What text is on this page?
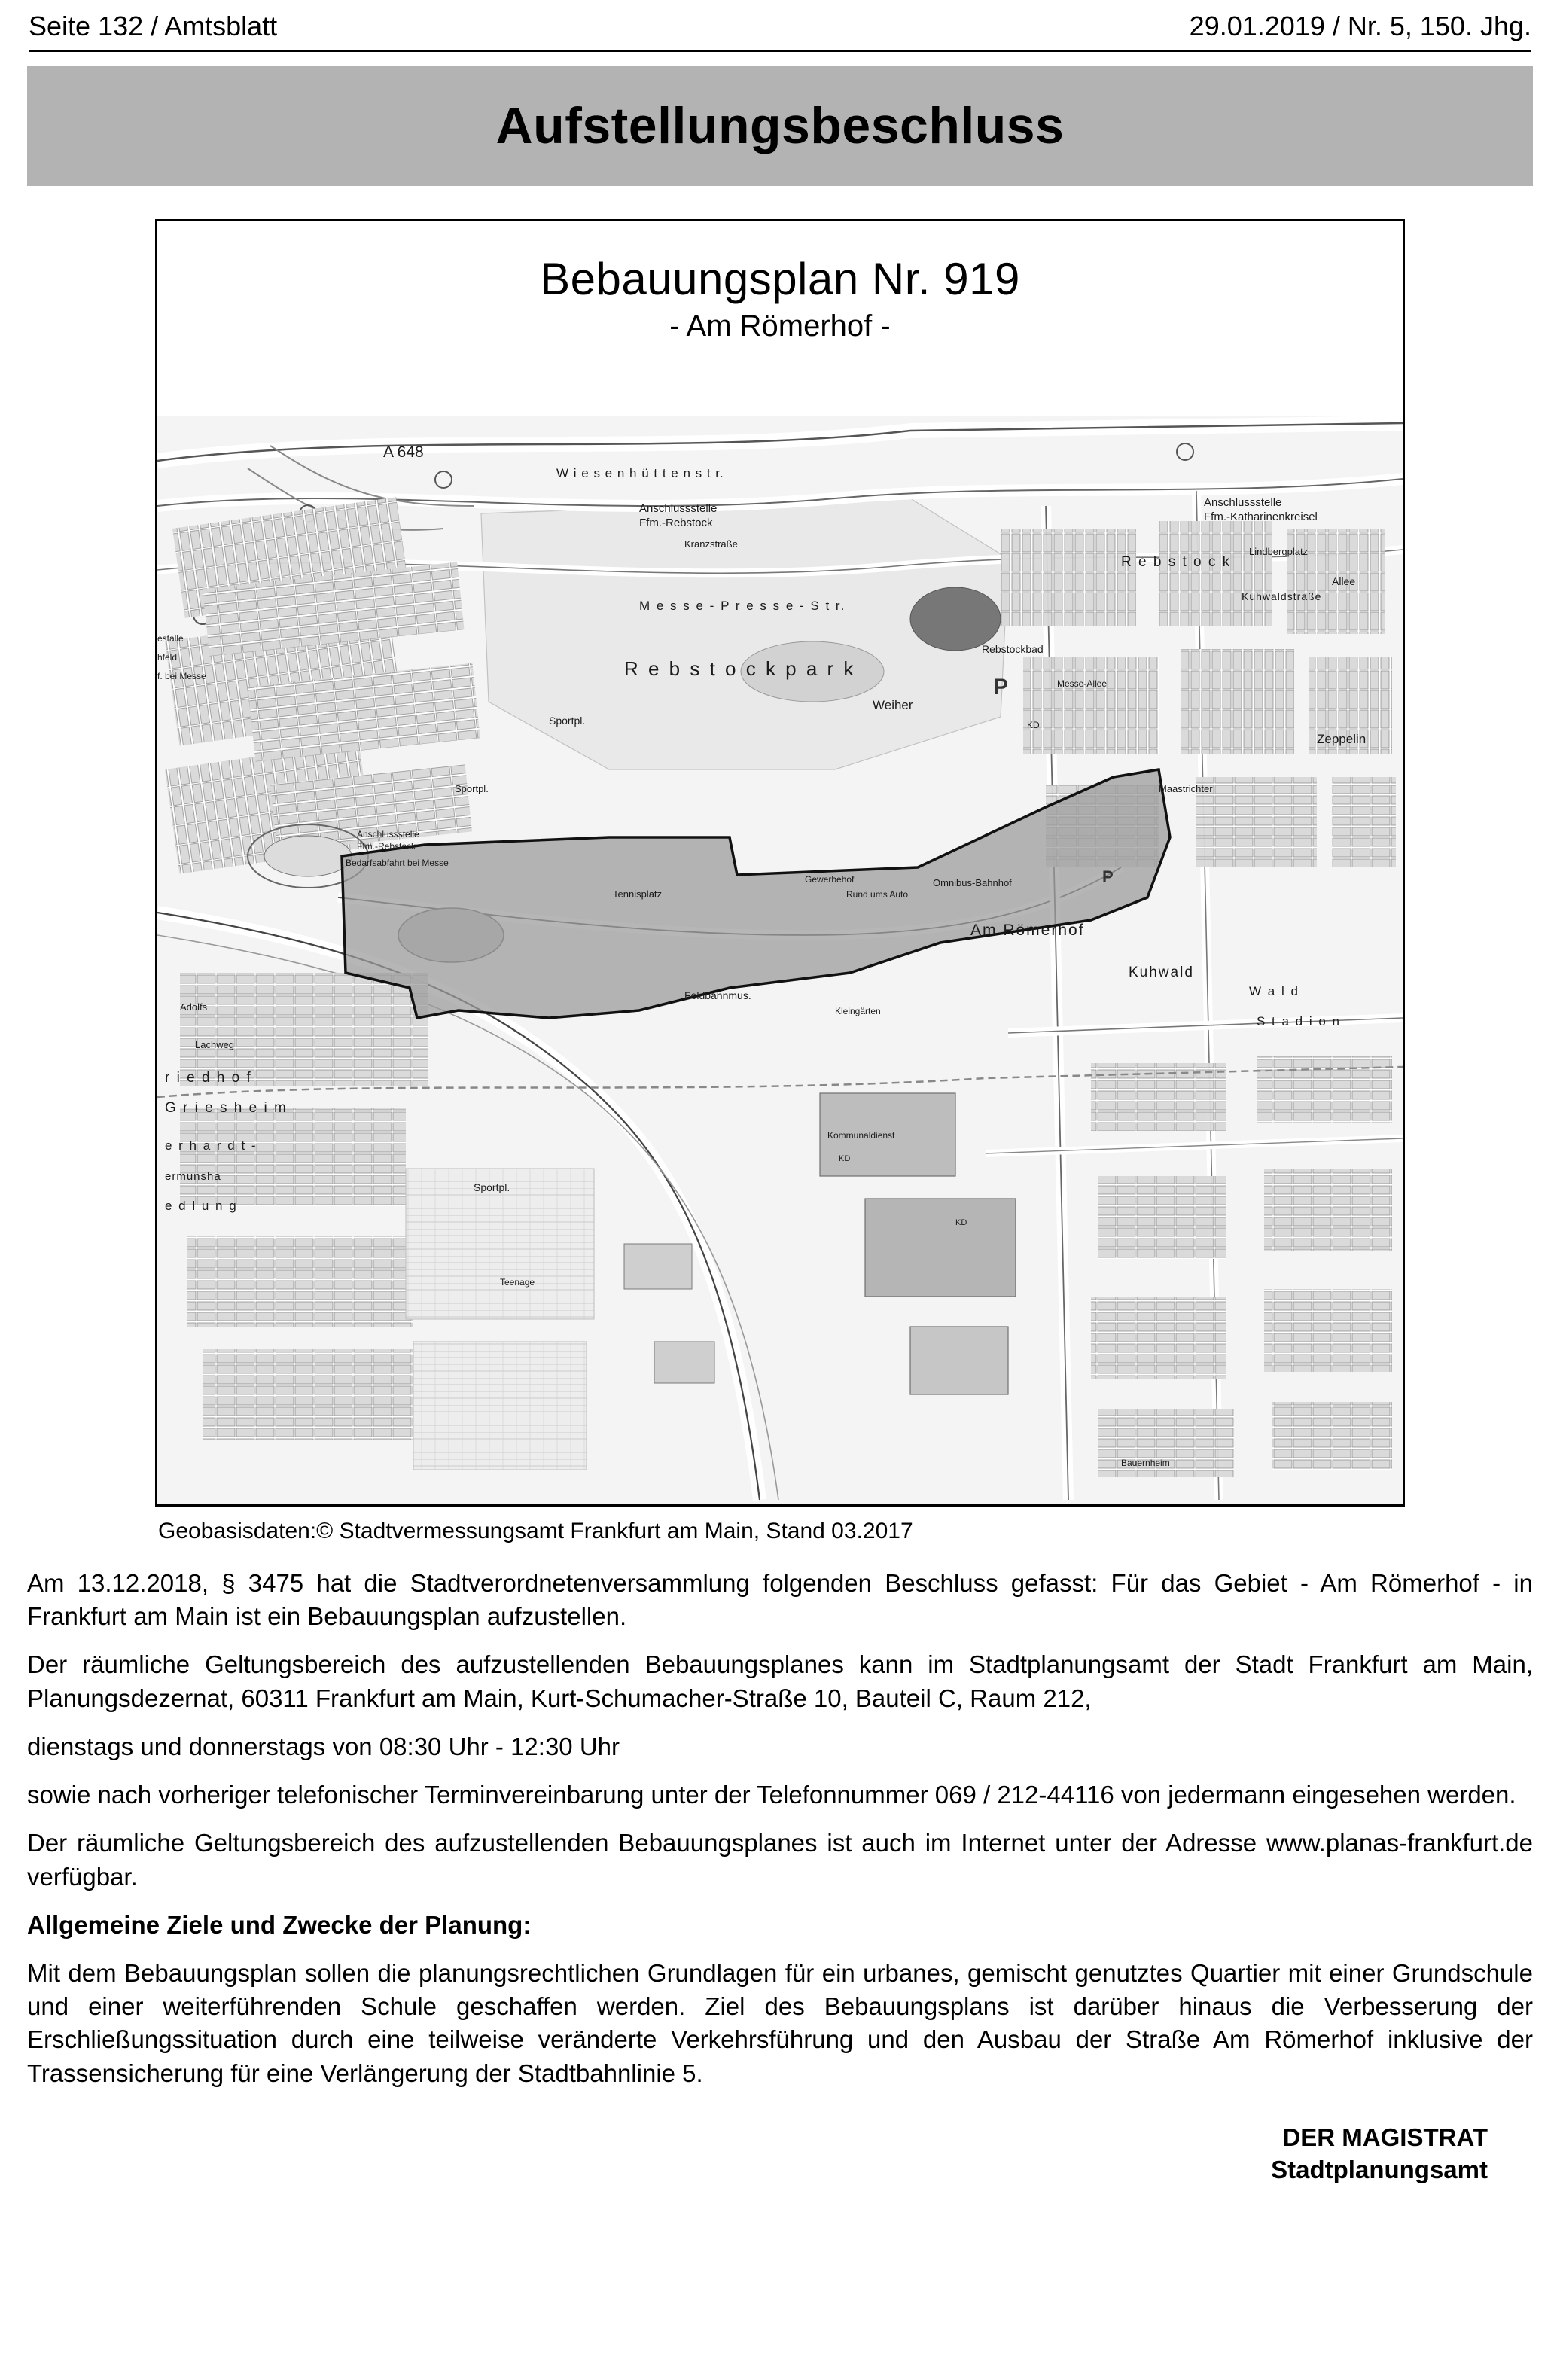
Seite 132 / Amtsblatt	29.01.2019 / Nr. 5, 150. Jhg.
Aufstellungsbeschluss
Bebauungsplan Nr. 919
- Am Römerhof -
P
P
A 648
W i e s e n h ü t t e n s t r.
Anschlussstelle
Ffm.-Rebstock
Kranzstraße
Anschlussstelle
Ffm.-Katharinenkreisel
Lindbergplatz
R e b s t o c k
Kuhwaldstraße
Allee
M e s s e - P r e s s e - S t r.
R e b s t o c k p a r k
Weiher
Rebstockbad
Zeppelin
Maastrichter
Sportpl.
Sportpl.
Anschlussstelle
Ffm.-Rebstock
Bedarfsabfahrt bei Messe
Tennisplatz
Gewerbehof
Rund ums Auto
Omnibus-Bahnhof
Am Römerhof
Feldbahnmus.
Kleingärten
Kuhwald
W a l d
S t a d i o n
estalle
hfeld
f. bei Messe
Adolfs
Lachweg
r i e d h o f
G r i e s h e i m
e r h a r d t -
ermunsha
e d l u n g
Sportpl.
Teenage
Kommunaldienst
KD
KD
Bauernheim
KD
Messe-Allee
Geobasisdaten:© Stadtvermessungsamt Frankfurt am Main, Stand 03.2017

Am 13.12.2018, § 3475 hat die Stadtverordnetenversammlung folgenden Beschluss gefasst: Für das Gebiet - Am Römerhof - in Frankfurt am Main ist ein Bebauungsplan aufzustellen.

Der räumliche Geltungsbereich des aufzustellenden Bebauungsplanes kann im Stadtplanungsamt der Stadt Frankfurt am Main, Planungsdezernat, 60311 Frankfurt am Main, Kurt-Schumacher-Straße 10, Bauteil C, Raum 212,

dienstags und donnerstags von 08:30 Uhr - 12:30 Uhr

sowie nach vorheriger telefonischer Terminvereinbarung unter der Telefonnummer 069 / 212-44116 von jedermann eingesehen werden.

Der räumliche Geltungsbereich des aufzustellenden Bebauungsplanes ist auch im Internet unter der Adresse www.planas-frankfurt.de verfügbar.

Allgemeine Ziele und Zwecke der Planung:

Mit dem Bebauungsplan sollen die planungsrechtlichen Grundlagen für ein urbanes, gemischt genutztes Quartier mit einer Grundschule und einer weiterführenden Schule geschaffen werden. Ziel des Bebauungsplans ist darüber hinaus die Verbesserung der Erschließungssituation durch eine teilweise veränderte Verkehrsführung und den Ausbau der Straße Am Römerhof inklusive der Trassensicherung für eine Verlängerung der Stadtbahnlinie 5.

DER MAGISTRAT
Stadtplanungsamt
